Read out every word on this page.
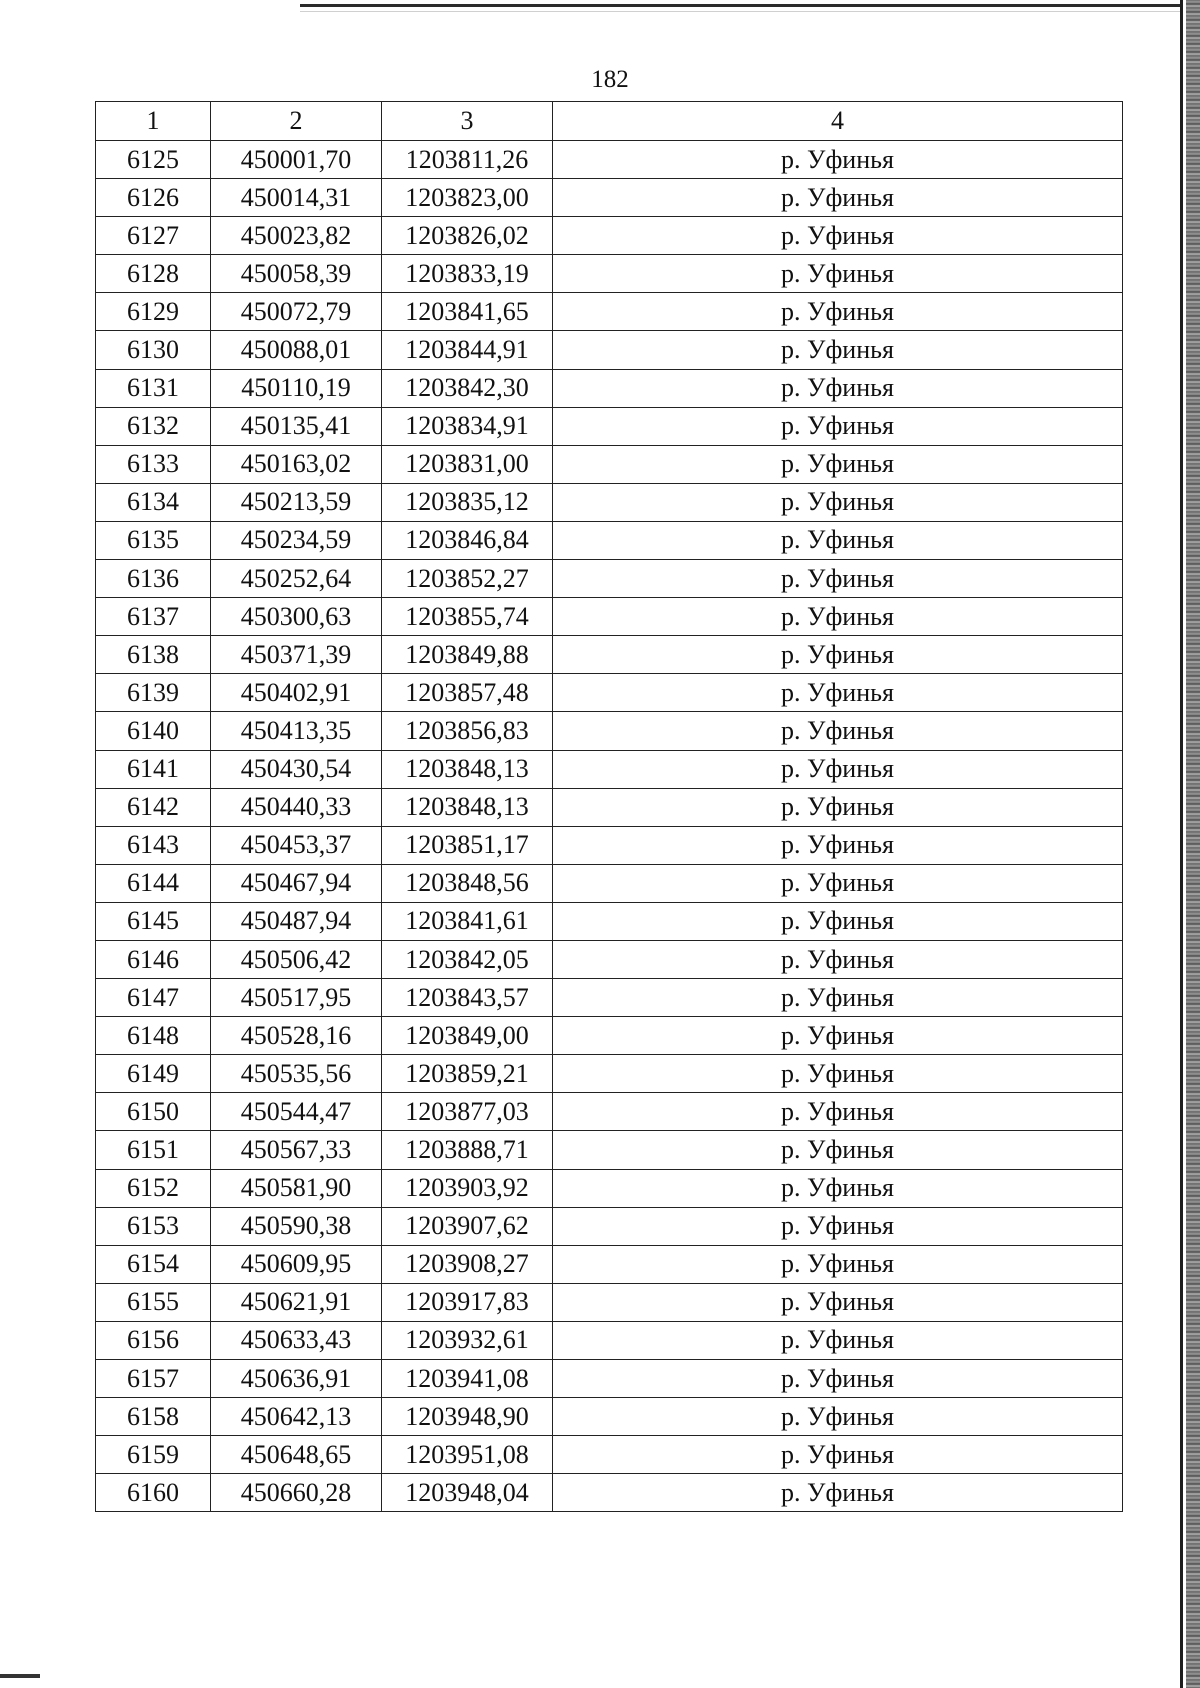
182
1	2	3	4
6125	450001,70	1203811,26	р. Уфинья
6126	450014,31	1203823,00	р. Уфинья
6127	450023,82	1203826,02	р. Уфинья
6128	450058,39	1203833,19	р. Уфинья
6129	450072,79	1203841,65	р. Уфинья
6130	450088,01	1203844,91	р. Уфинья
6131	450110,19	1203842,30	р. Уфинья
6132	450135,41	1203834,91	р. Уфинья
6133	450163,02	1203831,00	р. Уфинья
6134	450213,59	1203835,12	р. Уфинья
6135	450234,59	1203846,84	р. Уфинья
6136	450252,64	1203852,27	р. Уфинья
6137	450300,63	1203855,74	р. Уфинья
6138	450371,39	1203849,88	р. Уфинья
6139	450402,91	1203857,48	р. Уфинья
6140	450413,35	1203856,83	р. Уфинья
6141	450430,54	1203848,13	р. Уфинья
6142	450440,33	1203848,13	р. Уфинья
6143	450453,37	1203851,17	р. Уфинья
6144	450467,94	1203848,56	р. Уфинья
6145	450487,94	1203841,61	р. Уфинья
6146	450506,42	1203842,05	р. Уфинья
6147	450517,95	1203843,57	р. Уфинья
6148	450528,16	1203849,00	р. Уфинья
6149	450535,56	1203859,21	р. Уфинья
6150	450544,47	1203877,03	р. Уфинья
6151	450567,33	1203888,71	р. Уфинья
6152	450581,90	1203903,92	р. Уфинья
6153	450590,38	1203907,62	р. Уфинья
6154	450609,95	1203908,27	р. Уфинья
6155	450621,91	1203917,83	р. Уфинья
6156	450633,43	1203932,61	р. Уфинья
6157	450636,91	1203941,08	р. Уфинья
6158	450642,13	1203948,90	р. Уфинья
6159	450648,65	1203951,08	р. Уфинья
6160	450660,28	1203948,04	р. Уфинья
